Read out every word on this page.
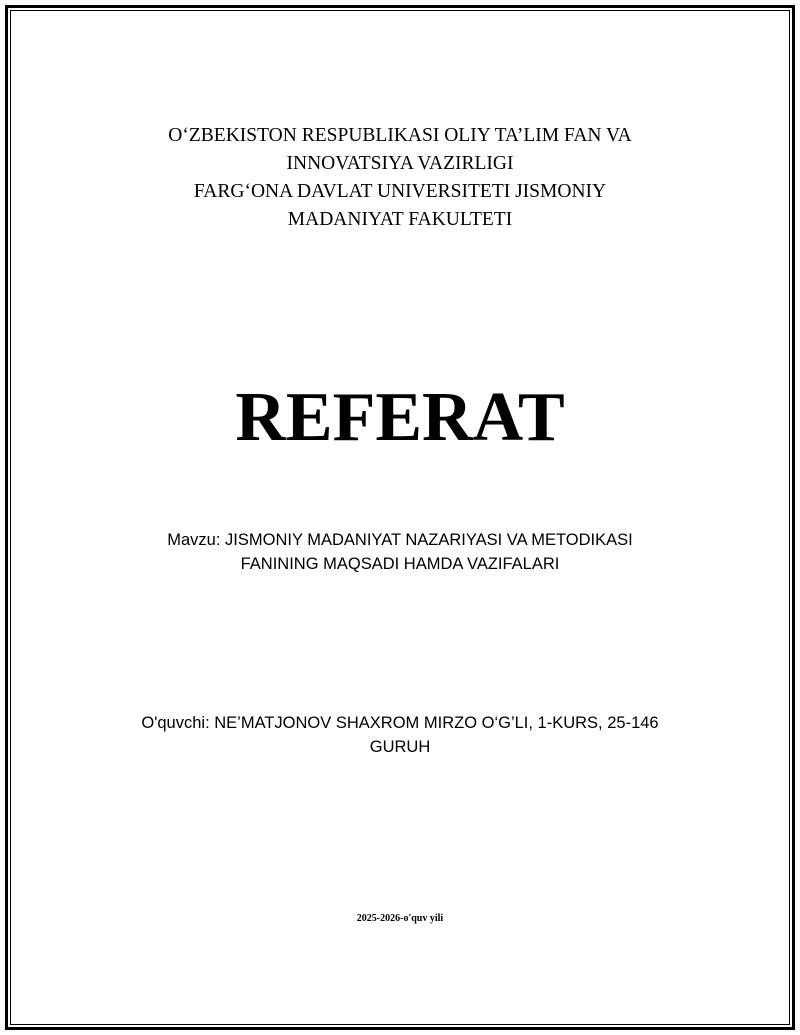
O‘ZBEKISTON RESPUBLIKASI OLIY TA’LIM FAN VA
INNOVATSIYA VAZIRLIGI
FARG‘ONA DAVLAT UNIVERSITETI JISMONIY
MADANIYAT FAKULTETI
REFERAT
Mavzu: JISMONIY MADANIYAT NAZARIYASI VA METODIKASI
FANINING MAQSADI HAMDA VAZIFALARI
O'quvchi: NE’MATJONOV SHAXROM MIRZO O‘G’LI, 1-KURS, 25-146
GURUH
2025-2026-o'quv yili
